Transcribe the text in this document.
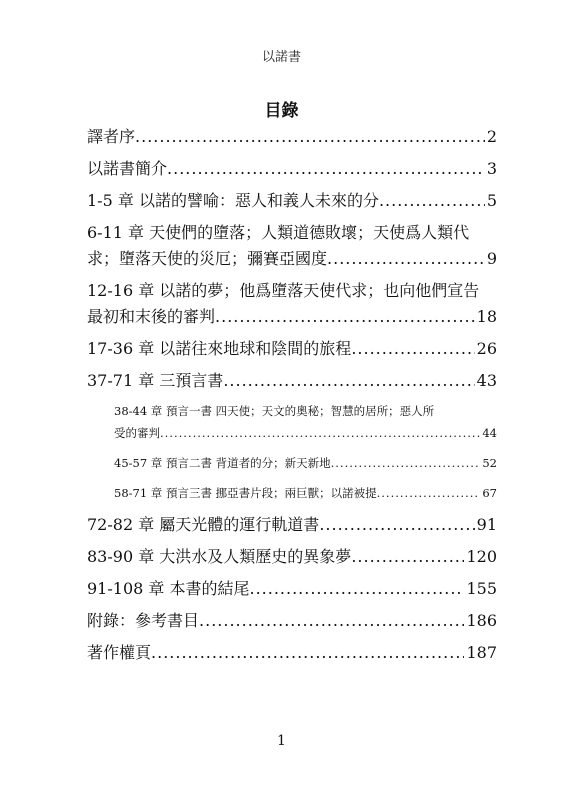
以諾書
目錄
譯者序 .....	2
以諾書簡介 .....	3
1-5 章 以諾的譬喻：惡人和義人未來的分 .....	5
6-11 章 天使們的墮落；人類道德敗壞；天使爲人類代
求；墮落天使的災厄；彌賽亞國度 .....	9
12-16 章 以諾的夢；他爲墮落天使代求；也向他們宣告
最初和末後的審判 .....	18
17-36 章 以諾往來地球和陰間的旅程 .....	26
37-71 章 三預言書 .....	43
38-44 章 預言一書 四天使；天文的奧秘；智慧的居所；惡人所
受的審判 .....	44
45-57 章 預言二書 背道者的分；新天新地 .....	52
58-71 章 預言三書 挪亞書片段；兩巨獸；以諾被提 .....	67
72-82 章 屬天光體的運行軌道書 .....	91
83-90 章 大洪水及人類歷史的異象夢 .....	120
91-108 章 本書的結尾 .....	155
附錄：參考書目 .....	186
著作權頁 .....	187
1
